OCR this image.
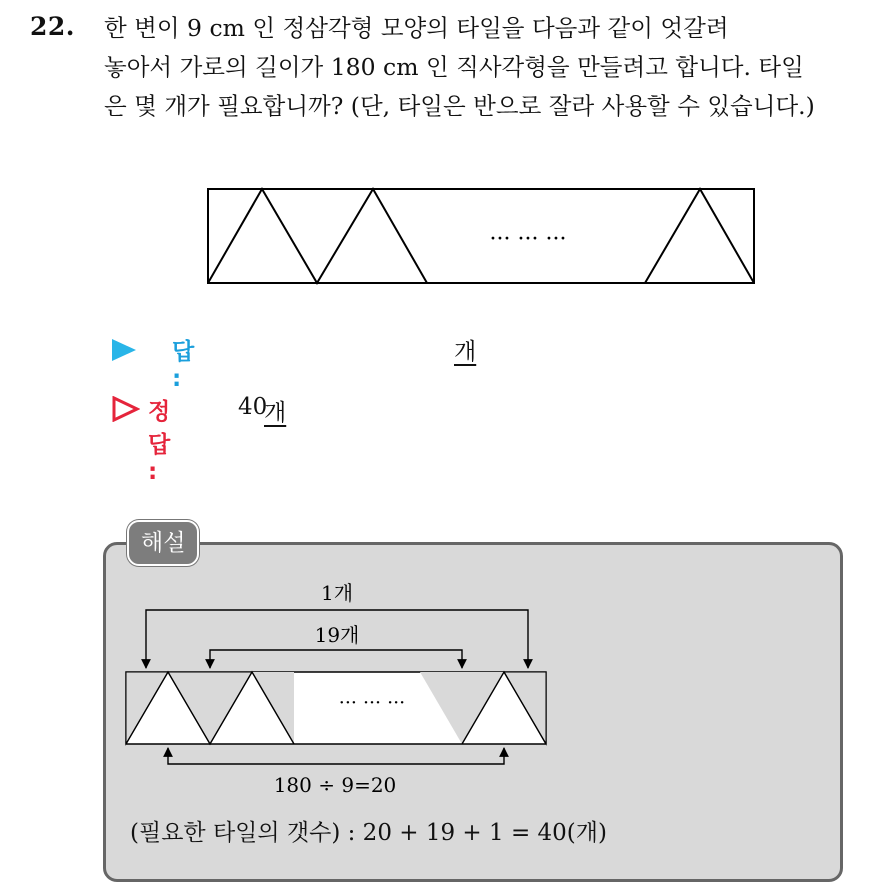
22. 한 변이 9 cm 인 정삼각형 모양의 타일을 다음과 같이 엇갈려
놓아서 가로의 길이가 180 cm 인 직사각형을 만들려고 합니다. 타일
은 몇 개가 필요합니까? (단, 타일은 반으로 잘라 사용할 수 있습니다.)
··· ··· ···
답 :
개
정답 :
40
개
해설
1개
19개
··· ··· ···
180 ÷ 9=20
(필요한 타일의 갯수) : 20 + 19 + 1 = 40(개)
